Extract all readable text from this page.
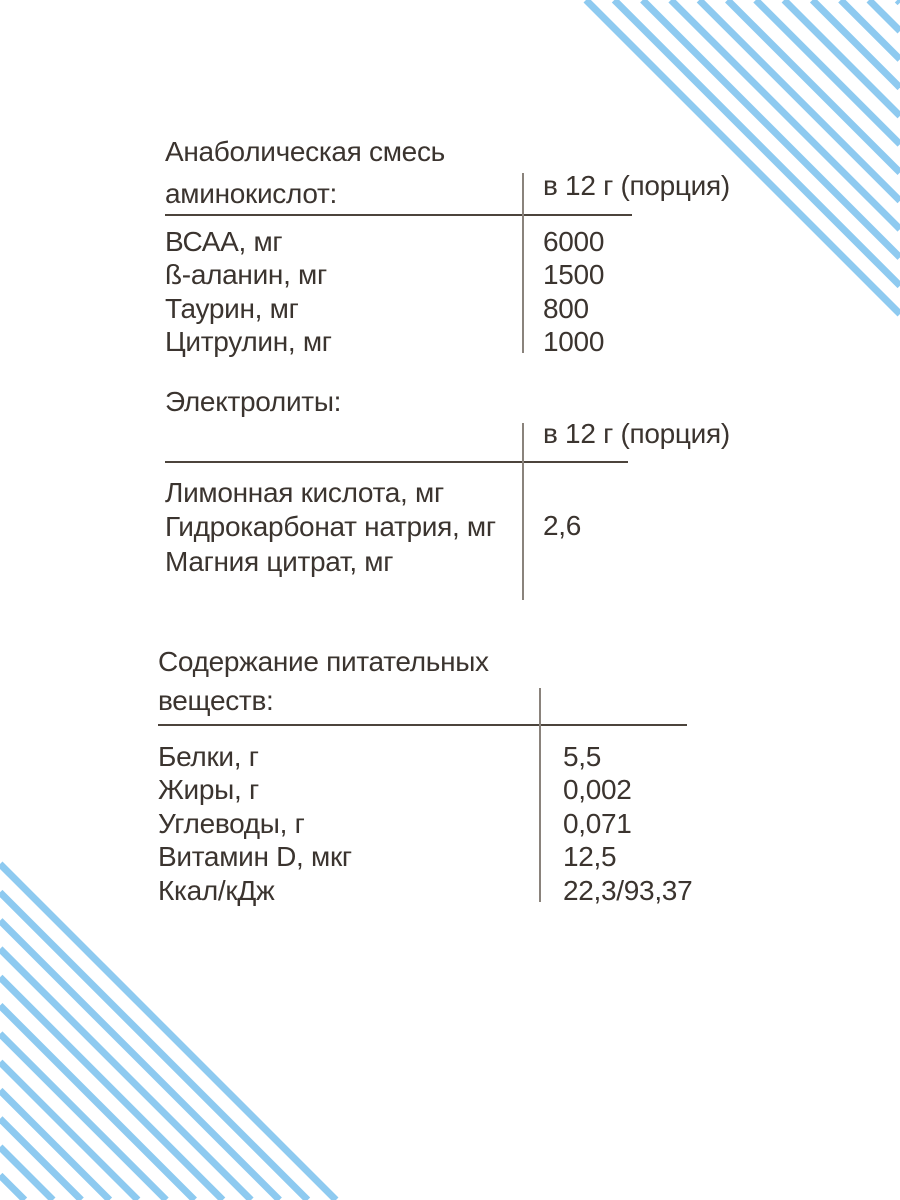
Анаболическая смесь
аминокислот:	в 12 г (порция)
ВСАА, мг
ß-аланин, мг
Таурин, мг
Цитрулин, мг
6000
1500
800
1000
Электролиты:
в 12 г (порция)
Лимонная кислота, мг
Гидрокарбонат натрия, мг
Магния цитрат, мг
2,6
Содержание питательных
веществ:
Белки, г
Жиры, г
Углеводы, г
Витамин D, мкг
Ккал/кДж
5,5
0,002
0,071
12,5
22,3/93,37
